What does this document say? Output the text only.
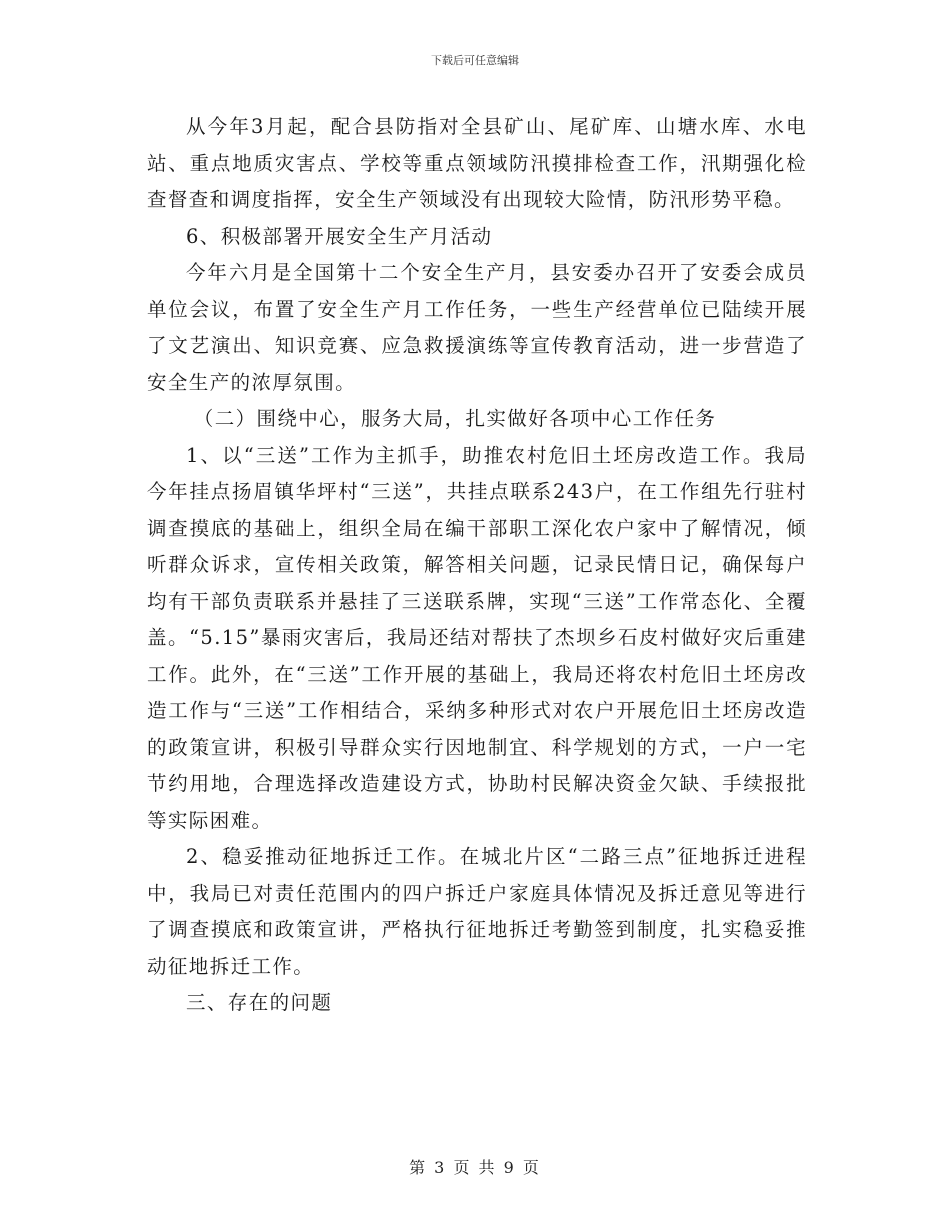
下载后可任意编辑

从今年3月起，配合县防指对全县矿山、尾矿库、山塘水库、水电站、重点地质灾害点、学校等重点领域防汛摸排检查工作，汛期强化检查督查和调度指挥，安全生产领域没有出现较大险情，防汛形势平稳。

6、积极部署开展安全生产月活动

今年六月是全国第十二个安全生产月，县安委办召开了安委会成员单位会议，布置了安全生产月工作任务，一些生产经营单位已陆续开展了文艺演出、知识竞赛、应急救援演练等宣传教育活动，进一步营造了安全生产的浓厚氛围。

（二）围绕中心，服务大局，扎实做好各项中心工作任务

1、以“三送”工作为主抓手，助推农村危旧土坯房改造工作。我局今年挂点扬眉镇华坪村“三送”，共挂点联系243户，在工作组先行驻村调查摸底的基础上，组织全局在编干部职工深化农户家中了解情况，倾听群众诉求，宣传相关政策，解答相关问题，记录民情日记，确保每户均有干部负责联系并悬挂了三送联系牌，实现“三送”工作常态化、全覆盖。“5.15”暴雨灾害后，我局还结对帮扶了杰坝乡石皮村做好灾后重建工作。此外，在“三送”工作开展的基础上，我局还将农村危旧土坯房改造工作与“三送”工作相结合，采纳多种形式对农户开展危旧土坯房改造的政策宣讲，积极引导群众实行因地制宜、科学规划的方式，一户一宅节约用地，合理选择改造建设方式，协助村民解决资金欠缺、手续报批等实际困难。

2、稳妥推动征地拆迁工作。在城北片区“二路三点”征地拆迁进程中，我局已对责任范围内的四户拆迁户家庭具体情况及拆迁意见等进行了调查摸底和政策宣讲，严格执行征地拆迁考勤签到制度，扎实稳妥推动征地拆迁工作。

三、存在的问题

第 3 页 共 9 页
